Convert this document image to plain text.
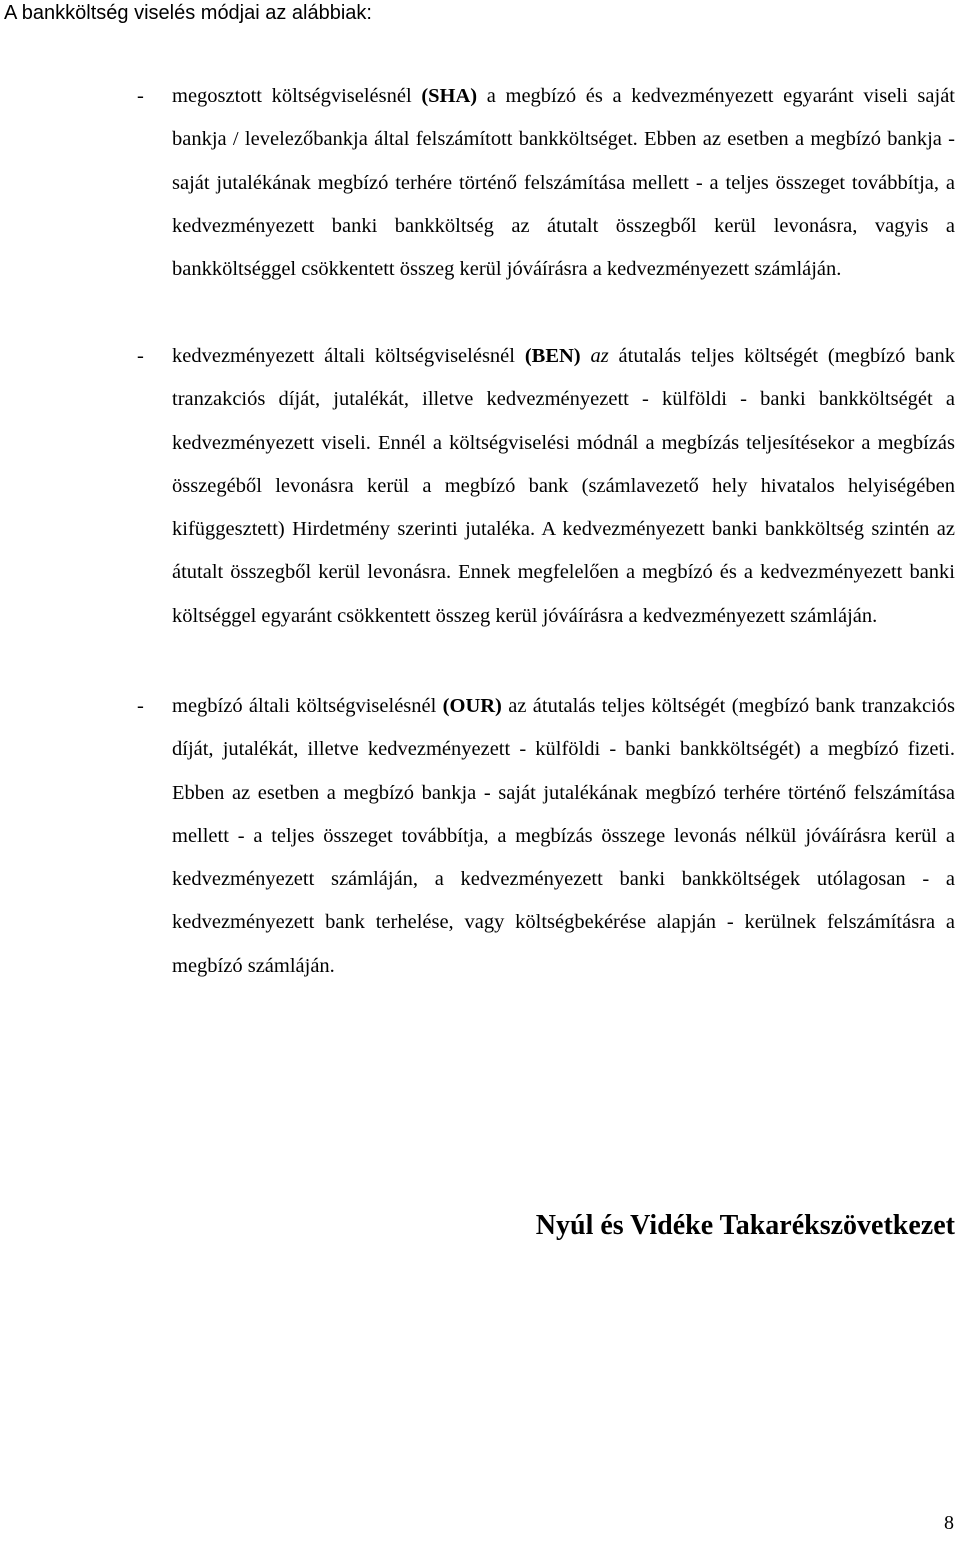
A bankköltség viselés módjai az alábbiak:
- megosztott költségviselésnél (SHA) a megbízó és a kedvezményezett egyaránt viseli saját bankja / levelezőbankja által felszámított bankköltséget. Ebben az esetben a megbízó bankja - saját jutalékának megbízó terhére történő felszámítása mellett - a teljes összeget továbbítja, a kedvezményezett banki bankköltség az átutalt összegből kerül levonásra, vagyis a bankköltséggel csökkentett összeg kerül jóváírásra a kedvezményezett számláján.
- kedvezményezett általi költségviselésnél (BEN) az átutalás teljes költségét (megbízó bank tranzakciós díját, jutalékát, illetve kedvezményezett - külföldi - banki bankköltségét a kedvezményezett viseli. Ennél a költségviselési módnál a megbízás teljesítésekor a megbízás összegéből levonásra kerül a megbízó bank (számlavezető hely hivatalos helyiségében kifüggesztett) Hirdetmény szerinti jutaléka. A kedvezményezett banki bankköltség szintén az átutalt összegből kerül levonásra. Ennek megfelelően a megbízó és a kedvezményezett banki költséggel egyaránt csökkentett összeg kerül jóváírásra a kedvezményezett számláján.
- megbízó általi költségviselésnél (OUR) az átutalás teljes költségét (megbízó bank tranzakciós díját, jutalékát, illetve kedvezményezett - külföldi - banki bankköltségét) a megbízó fizeti. Ebben az esetben a megbízó bankja - saját jutalékának megbízó terhére történő felszámítása mellett - a teljes összeget továbbítja, a megbízás összege levonás nélkül jóváírásra kerül a kedvezményezett számláján, a kedvezményezett banki bankköltségek utólagosan - a kedvezményezett bank terhelése, vagy költségbekérése alapján - kerülnek felszámításra a megbízó számláján.
Nyúl és Vidéke Takarékszövetkezet
8
